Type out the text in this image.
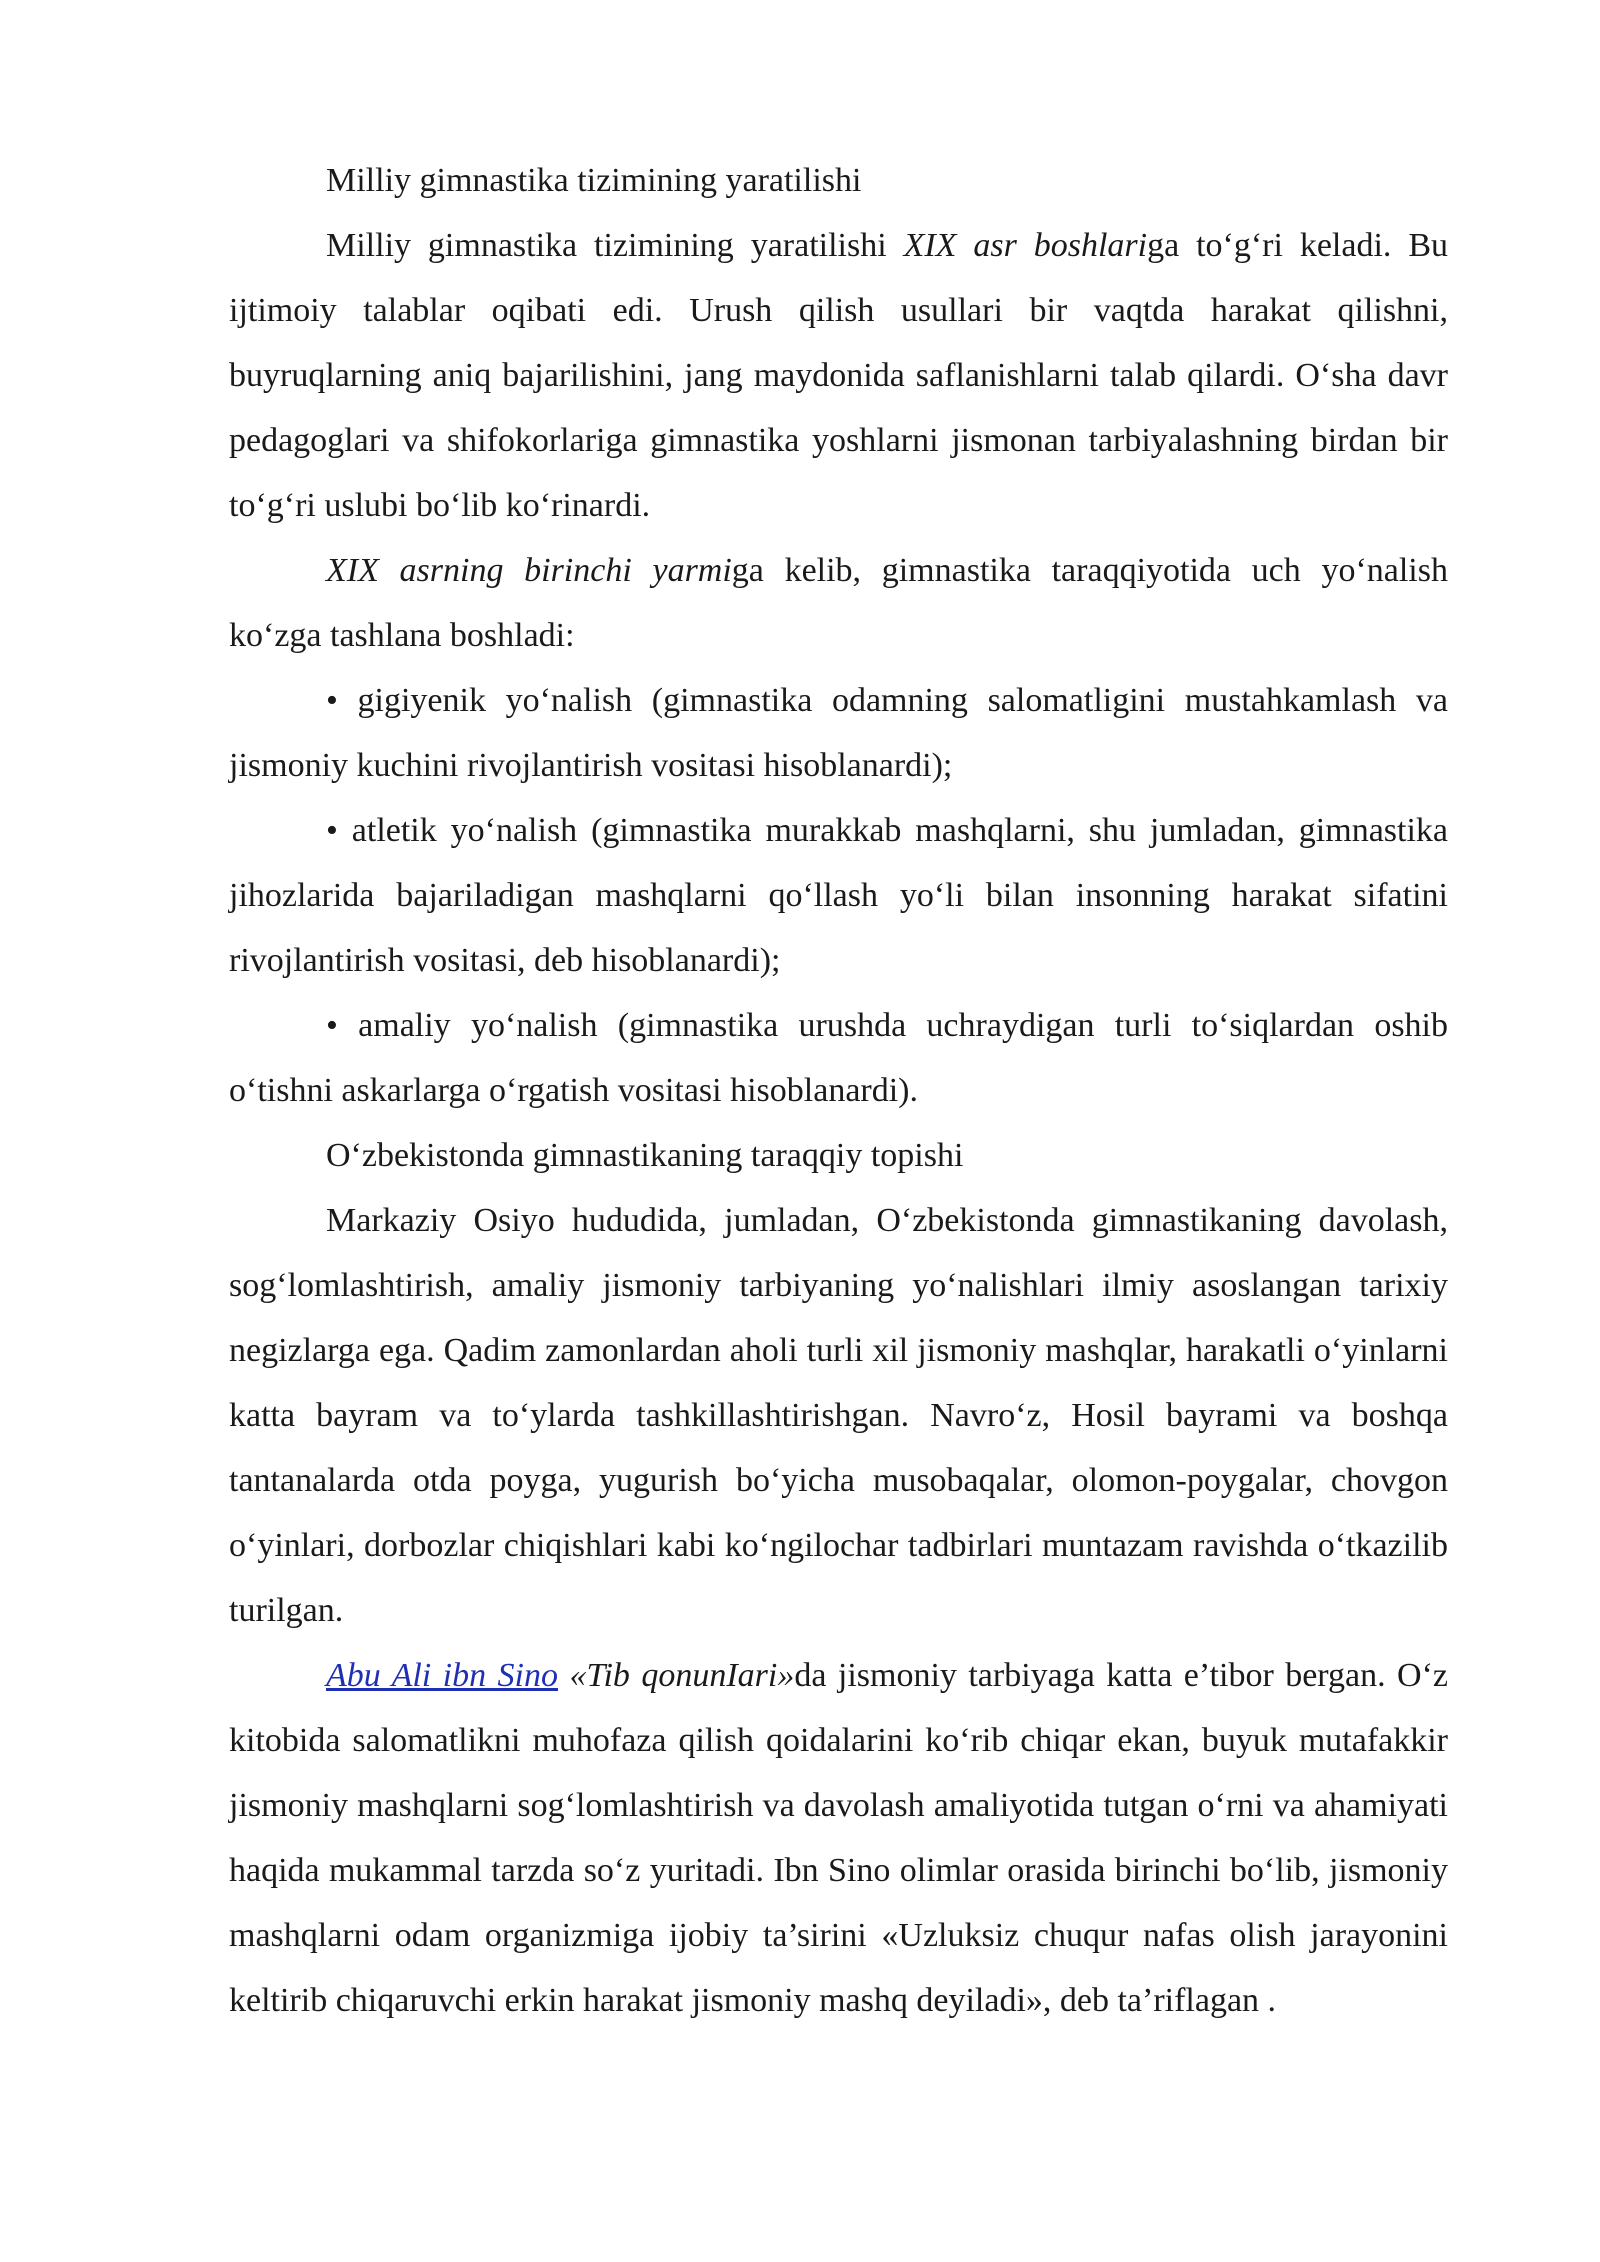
Milliy gimnastika tizimining yaratilishi

Milliy gimnastika tizimining yaratilishi XIX asr boshlariga to‘g‘ri keladi. Bu ijtimoiy talablar oqibati edi. Urush qilish usullari bir vaqtda harakat qilishni, buyruqlarning aniq bajarilishini, jang maydonida saflanishlarni talab qilardi. O‘sha davr pedagoglari va shifokorlariga gimnastika yoshlarni jismonan tarbiyalashning birdan bir to‘g‘ri uslubi bo‘lib ko‘rinardi.

XIX asrning birinchi yarmiga kelib, gimnastika taraqqiyotida uch yo‘nalish ko‘zga tashlana boshladi:

• gigiyenik yo‘nalish (gimnastika odamning salomatligini mustahkamlash va jismoniy kuchini rivojlantirish vositasi hisoblanardi);

• atletik yo‘nalish (gimnastika murakkab mashqlarni, shu jumladan, gimnastika jihozlarida bajariladigan mashqlarni qo‘llash yo‘li bilan insonning harakat sifatini rivojlantirish vositasi, deb hisoblanardi);

• amaliy yo‘nalish (gimnastika urushda uchraydigan turli to‘siqlardan oshib o‘tishni askarlarga o‘rgatish vositasi hisoblanardi).

O‘zbekistonda gimnastikaning taraqqiy topishi

Markaziy Osiyo hududida, jumladan, O‘zbekistonda gimnastikaning davolash, sog‘lomlashtirish, amaliy jismoniy tarbiyaning yo‘nalishlari ilmiy asoslangan tarixiy negizlarga ega. Qadim zamonlardan aholi turli xil jismoniy mashqlar, harakatli o‘yinlarni katta bayram va to‘ylarda tashkillashtirishgan. Navro‘z, Hosil bayrami va boshqa tantanalarda otda poyga, yugurish bo‘yicha musobaqalar, olomon-poygalar, chovgon o‘yinlari, dorbozlar chiqishlari kabi ko‘ngilochar tadbirlari muntazam ravishda o‘tkazilib turilgan.

Abu Ali ibn Sino «Tib qonunIari»da jismoniy tarbiyaga katta e’tibor bergan. O‘z kitobida salomatlikni muhofaza qilish qoidalarini ko‘rib chiqar ekan, buyuk mutafakkir jismoniy mashqlarni sog‘lomlashtirish va davolash amaliyotida tutgan o‘rni va ahamiyati haqida mukammal tarzda so‘z yuritadi. Ibn Sino olimlar orasida birinchi bo‘lib, jismoniy mashqlarni odam organizmiga ijobiy ta’sirini «Uzluksiz chuqur nafas olish jarayonini keltirib chiqaruvchi erkin harakat jismoniy mashq deyiladi», deb ta’riflagan .
